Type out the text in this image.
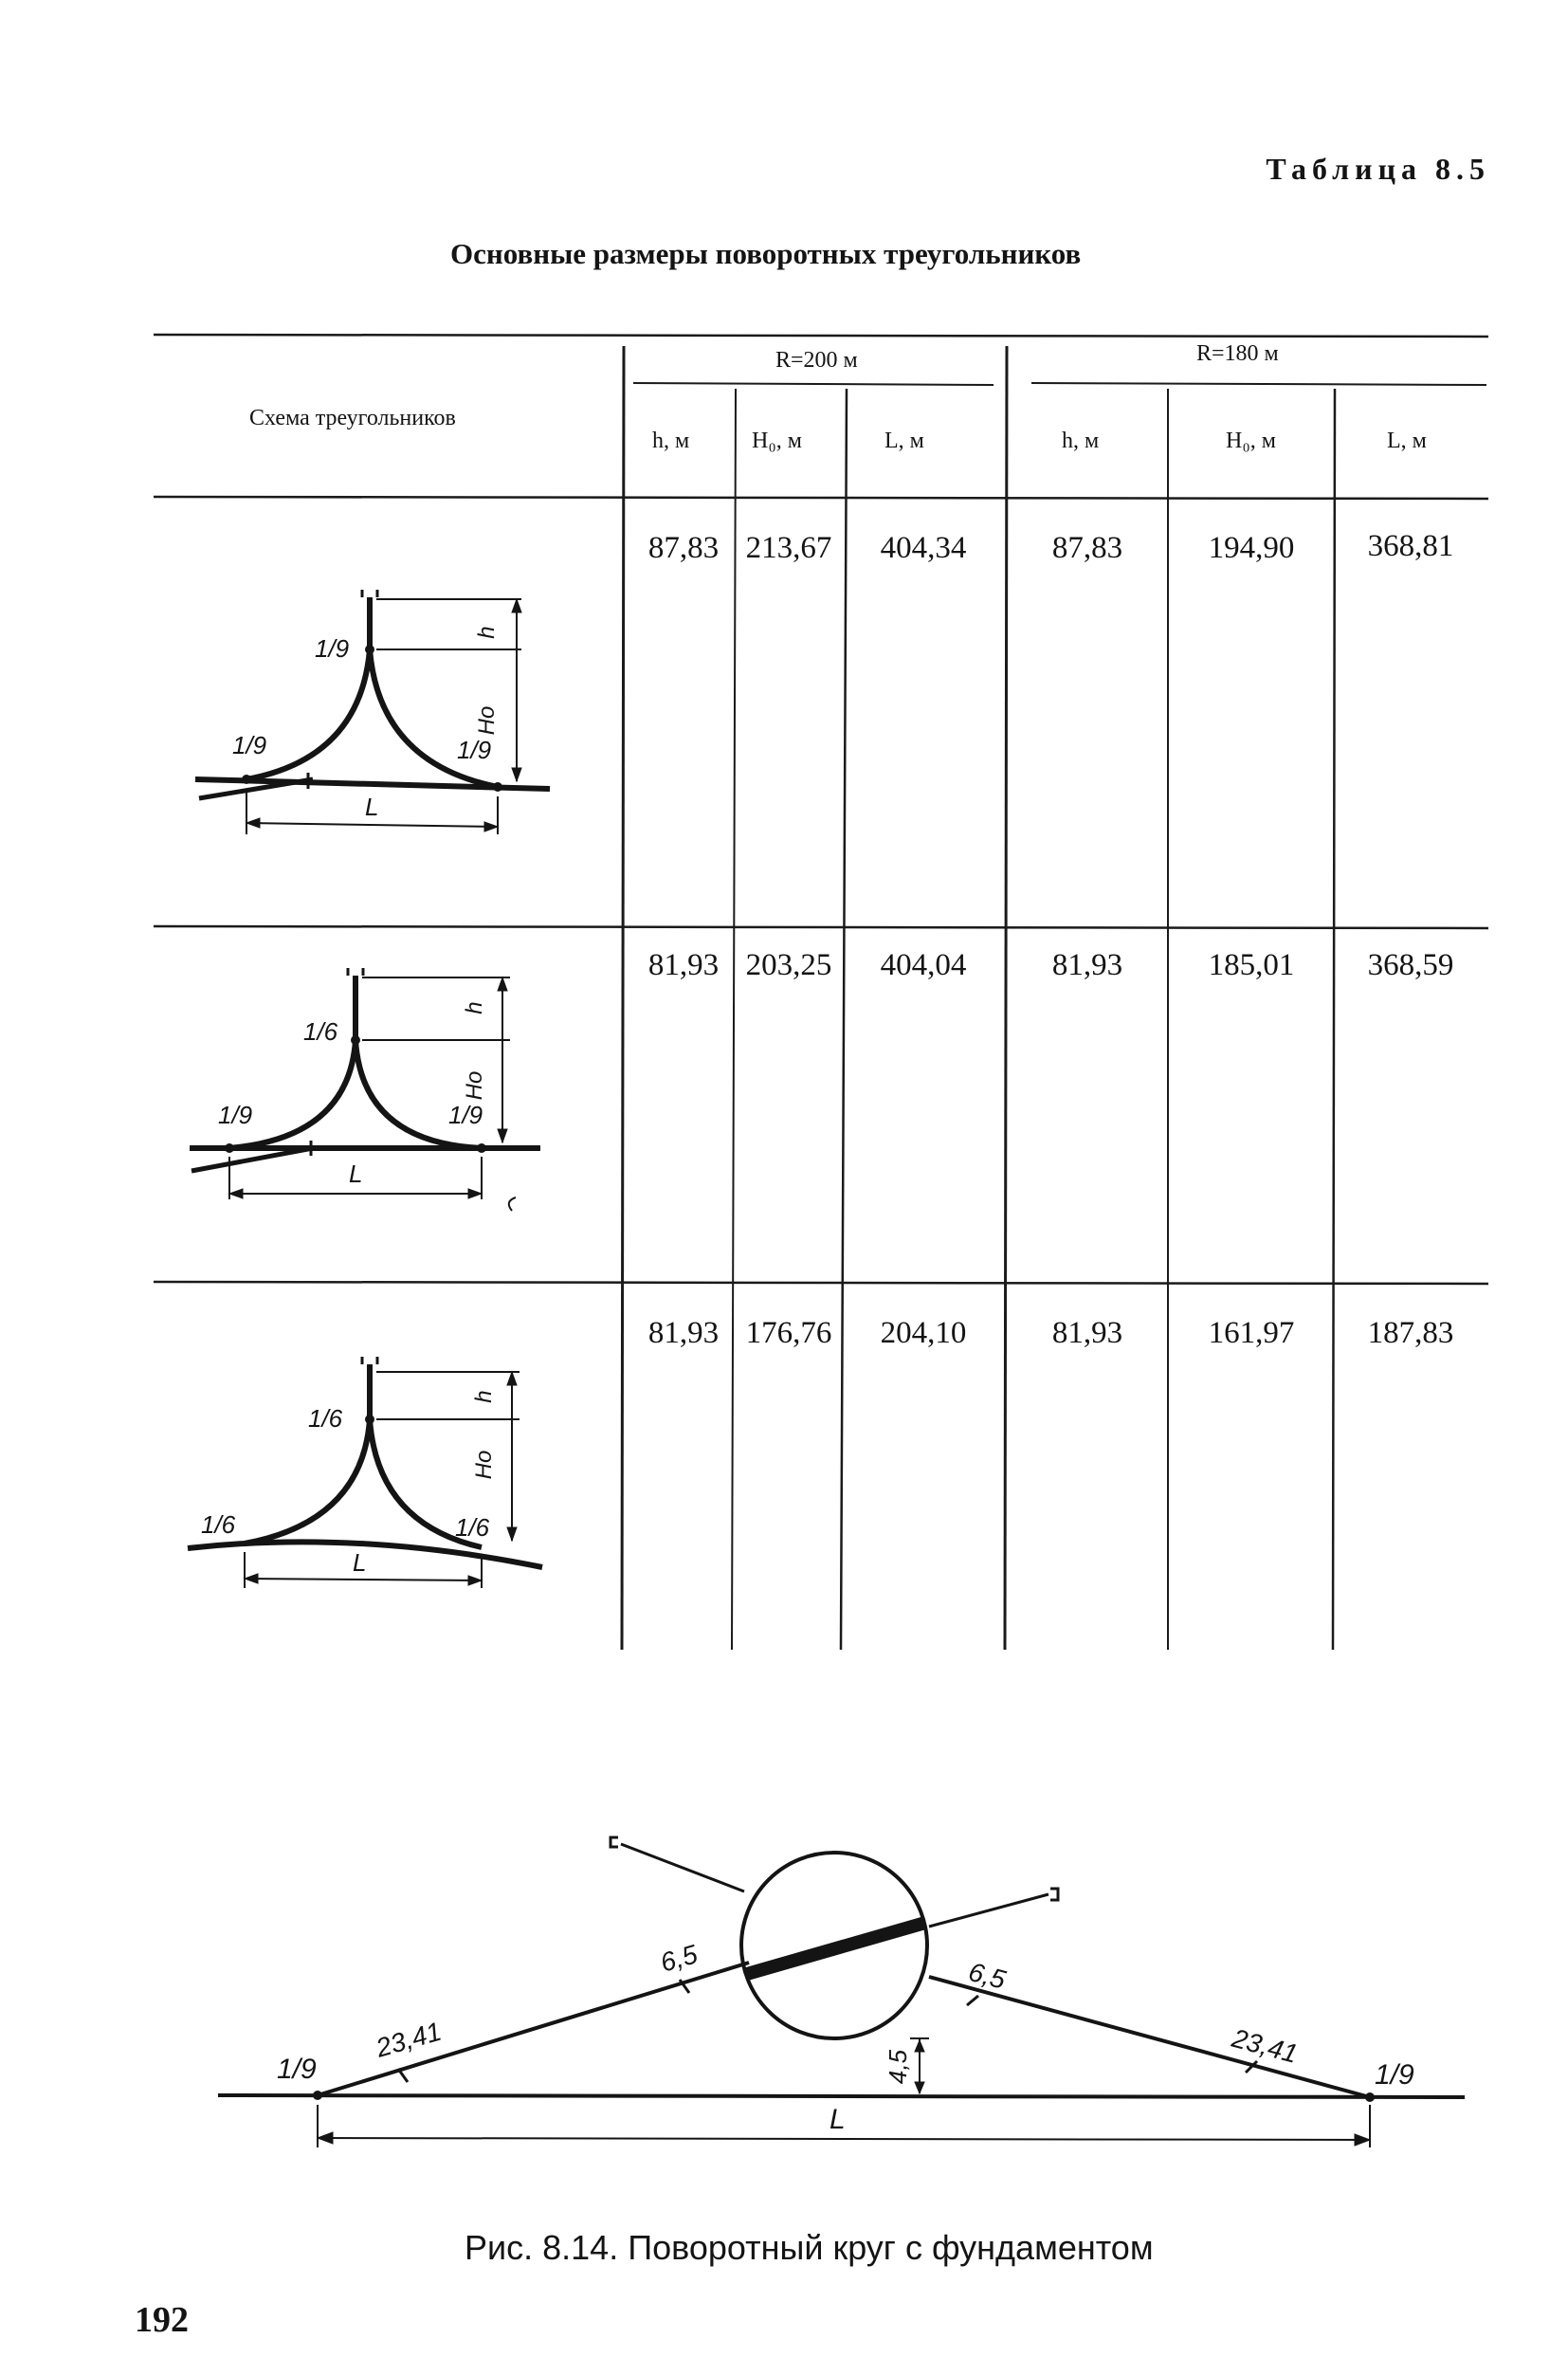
Таблица 8.5
Основные размеры поворотных треугольников
Схема треугольников
R=200 м	R=180 м
h, м	H₀, м	L, м	h, м	H₀, м	L, м
87,83 213,67	404,34	87,83	194,90	368,81
81,93 203,25	404,04	81,93	185,01	368,59
81,93 176,76	204,10	81,93	161,97	187,83
1/9
1/9	1/9
h
Ho
L
1/6
1/9	1/9
h
Ho
L
1/6
1/6	1/6
h
Ho
L
1/9	1/9
23,41	23,41
6,5	6,5
4,5
L
Рис. 8.14. Поворотный круг с фундаментом
192
